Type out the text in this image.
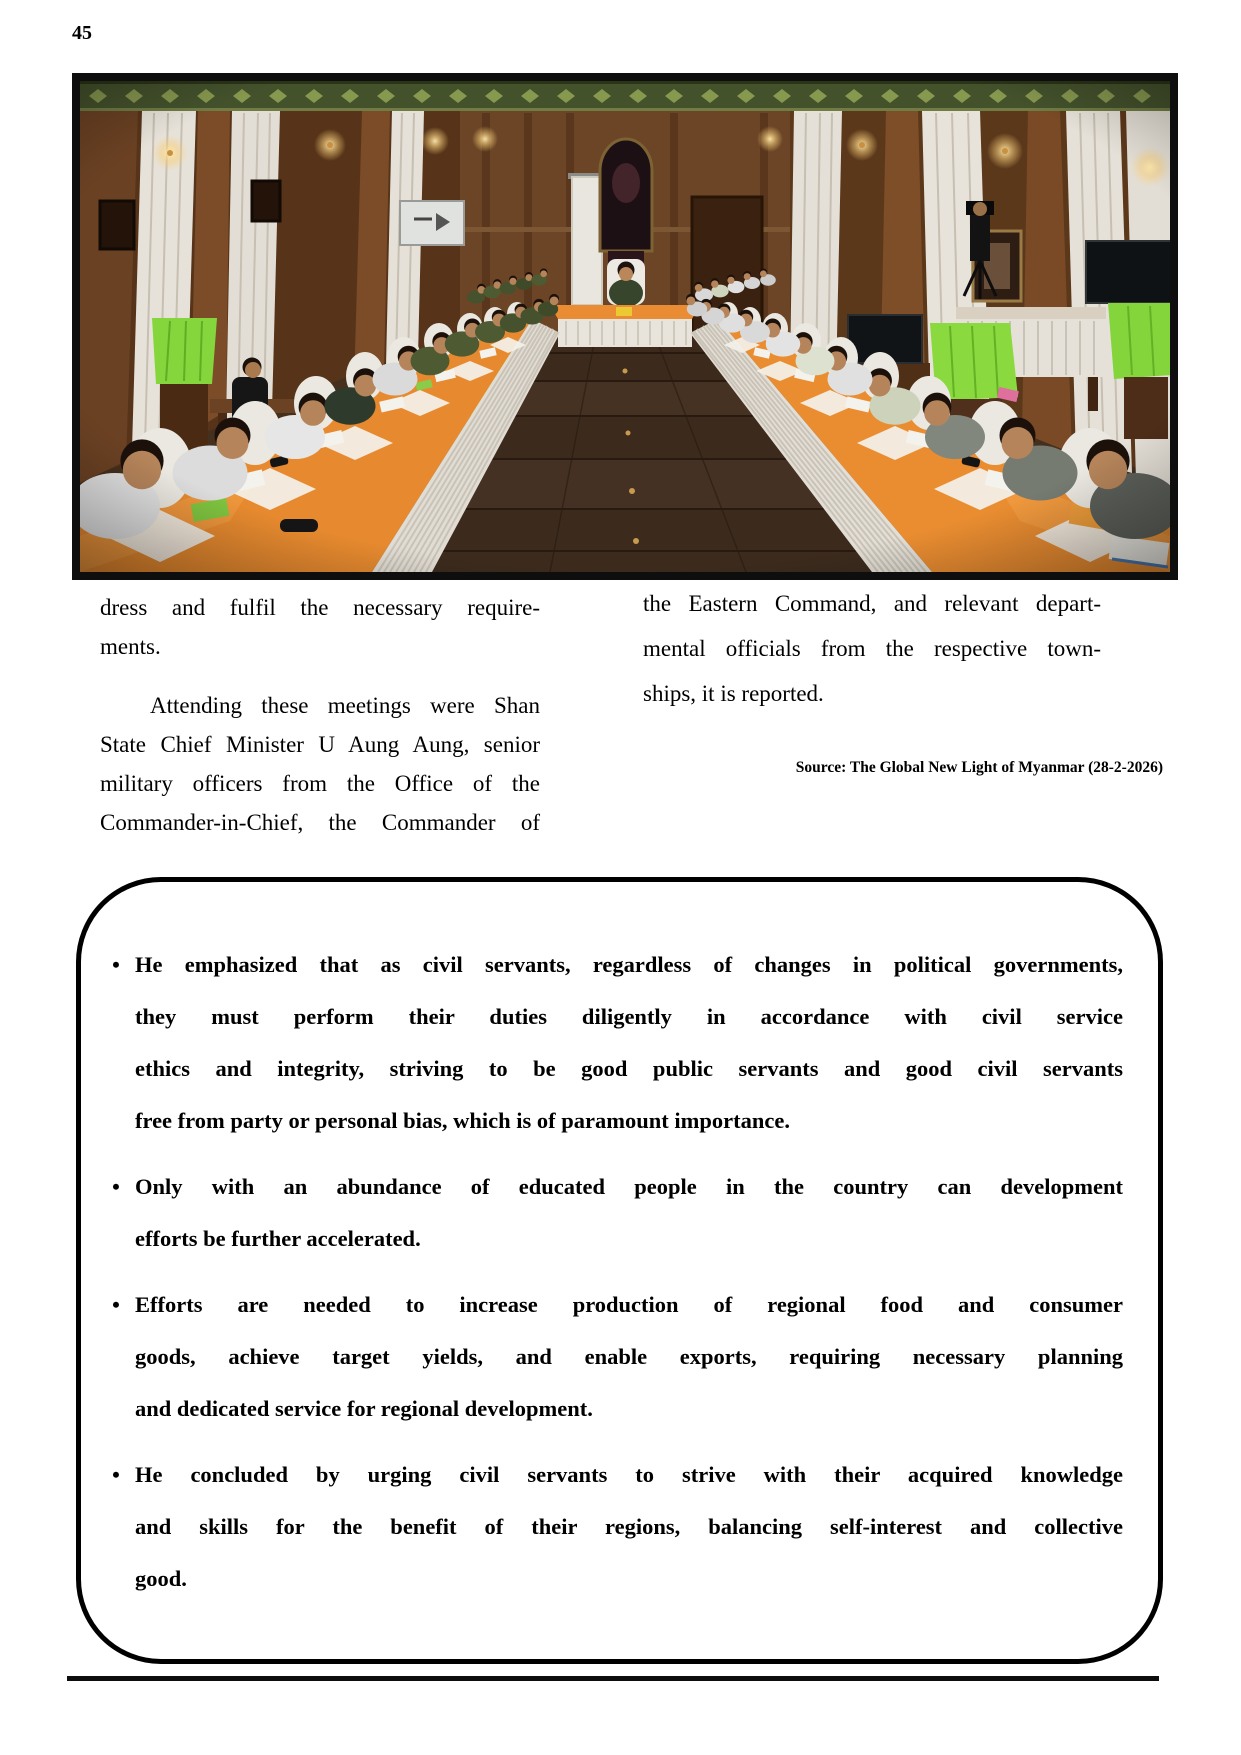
45
dress and fulfil the necessary require-
ments.
Attending these meetings were Shan
State Chief Minister U Aung Aung, senior
military officers from the Office of the
Commander-in-Chief, the Commander of
the Eastern Command, and relevant depart-
mental officials from the respective town-
ships, it is reported.
Source: The Global New Light of Myanmar (28-2-2026)
• He emphasized that as civil servants, regardless of changes in political governments,
they must perform their duties diligently in accordance with civil service
ethics and integrity, striving to be good public servants and good civil servants
free from party or personal bias, which is of paramount importance.
• Only with an abundance of educated people in the country can development
efforts be further accelerated.
• Efforts are needed to increase production of regional food and consumer
goods, achieve target yields, and enable exports, requiring necessary planning
and dedicated service for regional development.
• He concluded by urging civil servants to strive with their acquired knowledge
and skills for the benefit of their regions, balancing self-interest and collective
good.
